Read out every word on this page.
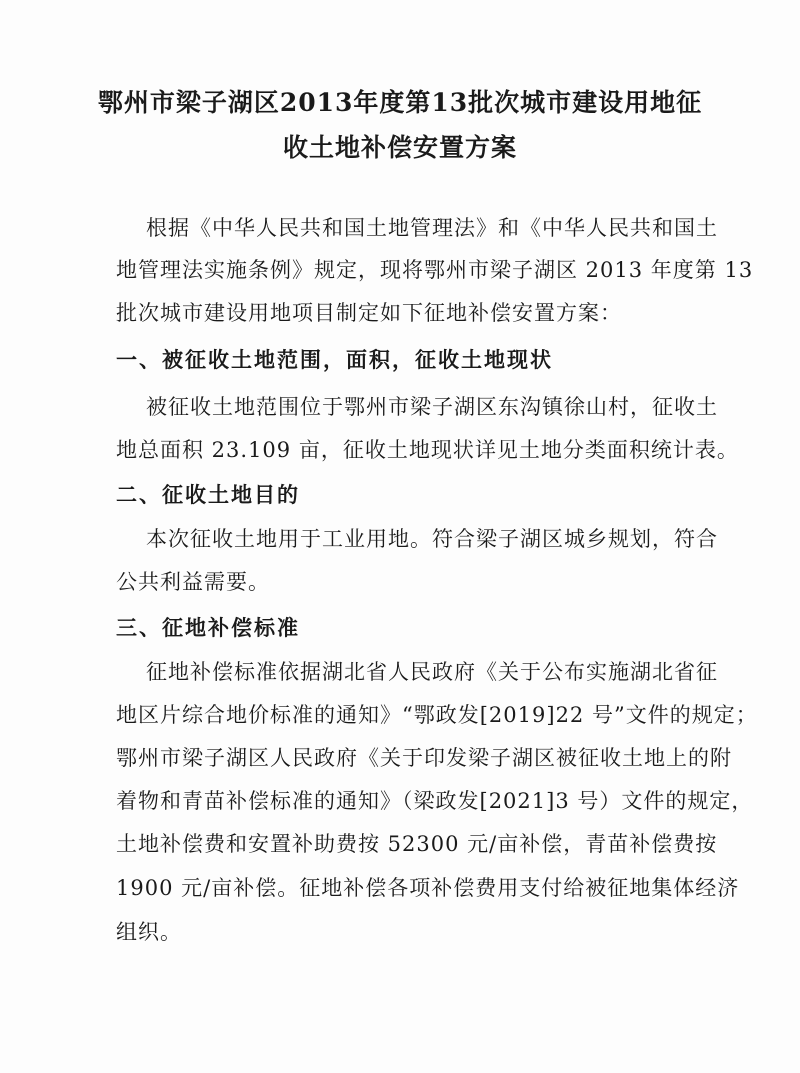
鄂州市梁子湖区2013年度第13批次城市建设用地征
收土地补偿安置方案
根据《中华人民共和国土地管理法》和《中华人民共和国土
地管理法实施条例》规定，现将鄂州市梁子湖区 2013 年度第 13
批次城市建设用地项目制定如下征地补偿安置方案：
一、被征收土地范围，面积，征收土地现状
被征收土地范围位于鄂州市梁子湖区东沟镇徐山村，征收土
地总面积 23.109 亩，征收土地现状详见土地分类面积统计表。
二、征收土地目的
本次征收土地用于工业用地。符合梁子湖区城乡规划，符合
公共利益需要。
三、征地补偿标准
征地补偿标准依据湖北省人民政府《关于公布实施湖北省征
地区片综合地价标准的通知》“鄂政发[2019]22 号”文件的规定；
鄂州市梁子湖区人民政府《关于印发梁子湖区被征收土地上的附
着物和青苗补偿标准的通知》（梁政发[2021]3 号）文件的规定，
土地补偿费和安置补助费按 52300 元/亩补偿，青苗补偿费按
1900 元/亩补偿。征地补偿各项补偿费用支付给被征地集体经济
组织。
